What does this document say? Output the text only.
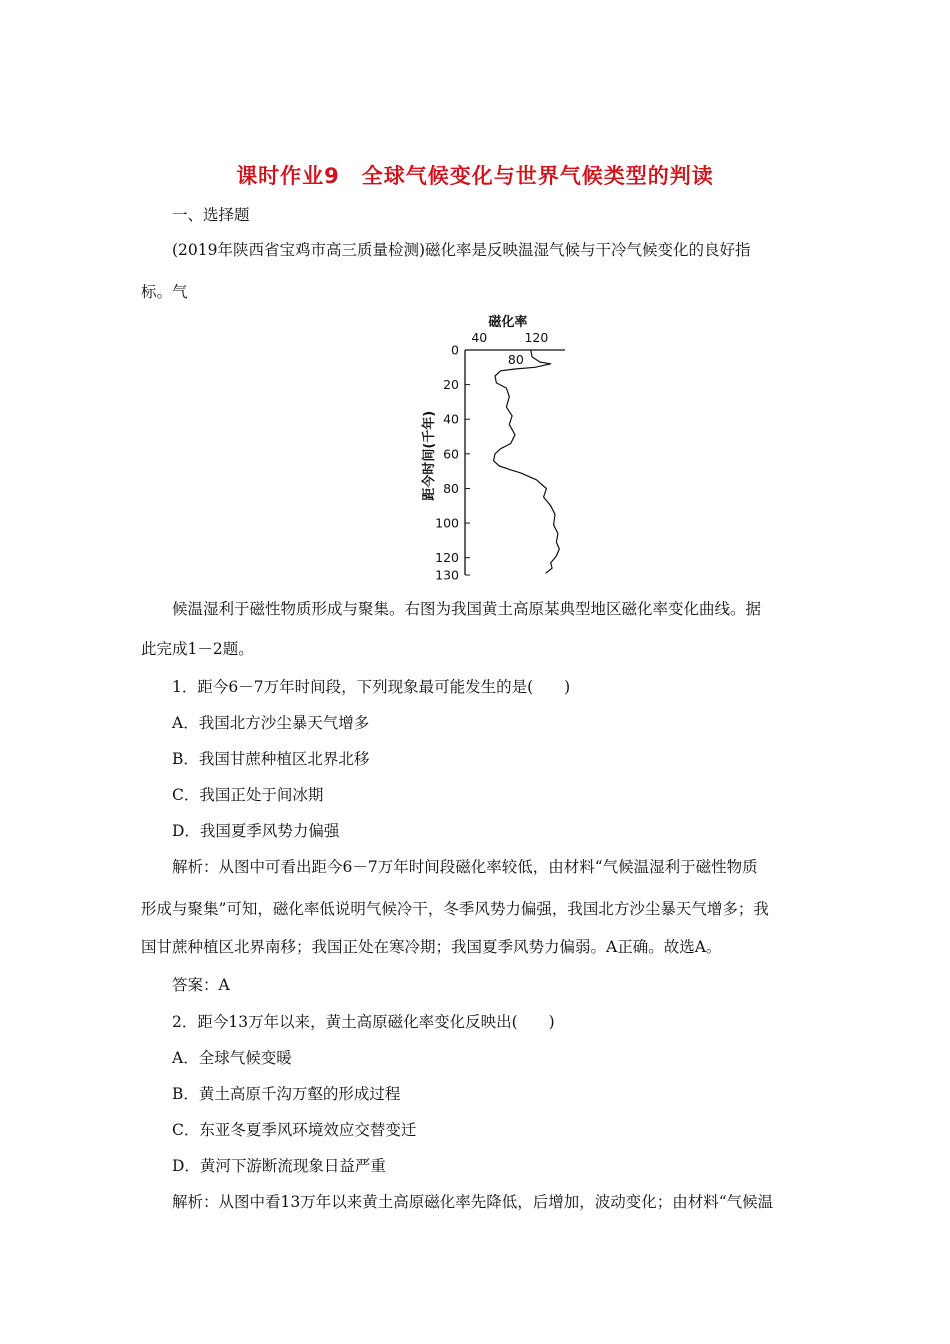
课时作业9　全球气候变化与世界气候类型的判读
一、选择题
(2019年陕西省宝鸡市高三质量检测)磁化率是反映温湿气候与干冷气候变化的良好指
标。气
磁化率
40
80
120
0
20
40
60
80
100
120
130
距今时间(千年)
候温湿利于磁性物质形成与聚集。右图为我国黄土高原某典型地区磁化率变化曲线。据
此完成1－2题。
1．距今6－7万年时间段，下列现象最可能发生的是(　　)
A．我国北方沙尘暴天气增多
B．我国甘蔗种植区北界北移
C．我国正处于间冰期
D．我国夏季风势力偏强
解析：从图中可看出距今6－7万年时间段磁化率较低，由材料“气候温湿利于磁性物质
形成与聚集”可知，磁化率低说明气候冷干，冬季风势力偏强，我国北方沙尘暴天气增多；我
国甘蔗种植区北界南移；我国正处在寒冷期；我国夏季风势力偏弱。A正确。故选A。
答案：A
2．距今13万年以来，黄土高原磁化率变化反映出(　　)
A．全球气候变暖
B．黄土高原千沟万壑的形成过程
C．东亚冬夏季风环境效应交替变迁
D．黄河下游断流现象日益严重
解析：从图中看13万年以来黄土高原磁化率先降低，后增加，波动变化；由材料“气候温
